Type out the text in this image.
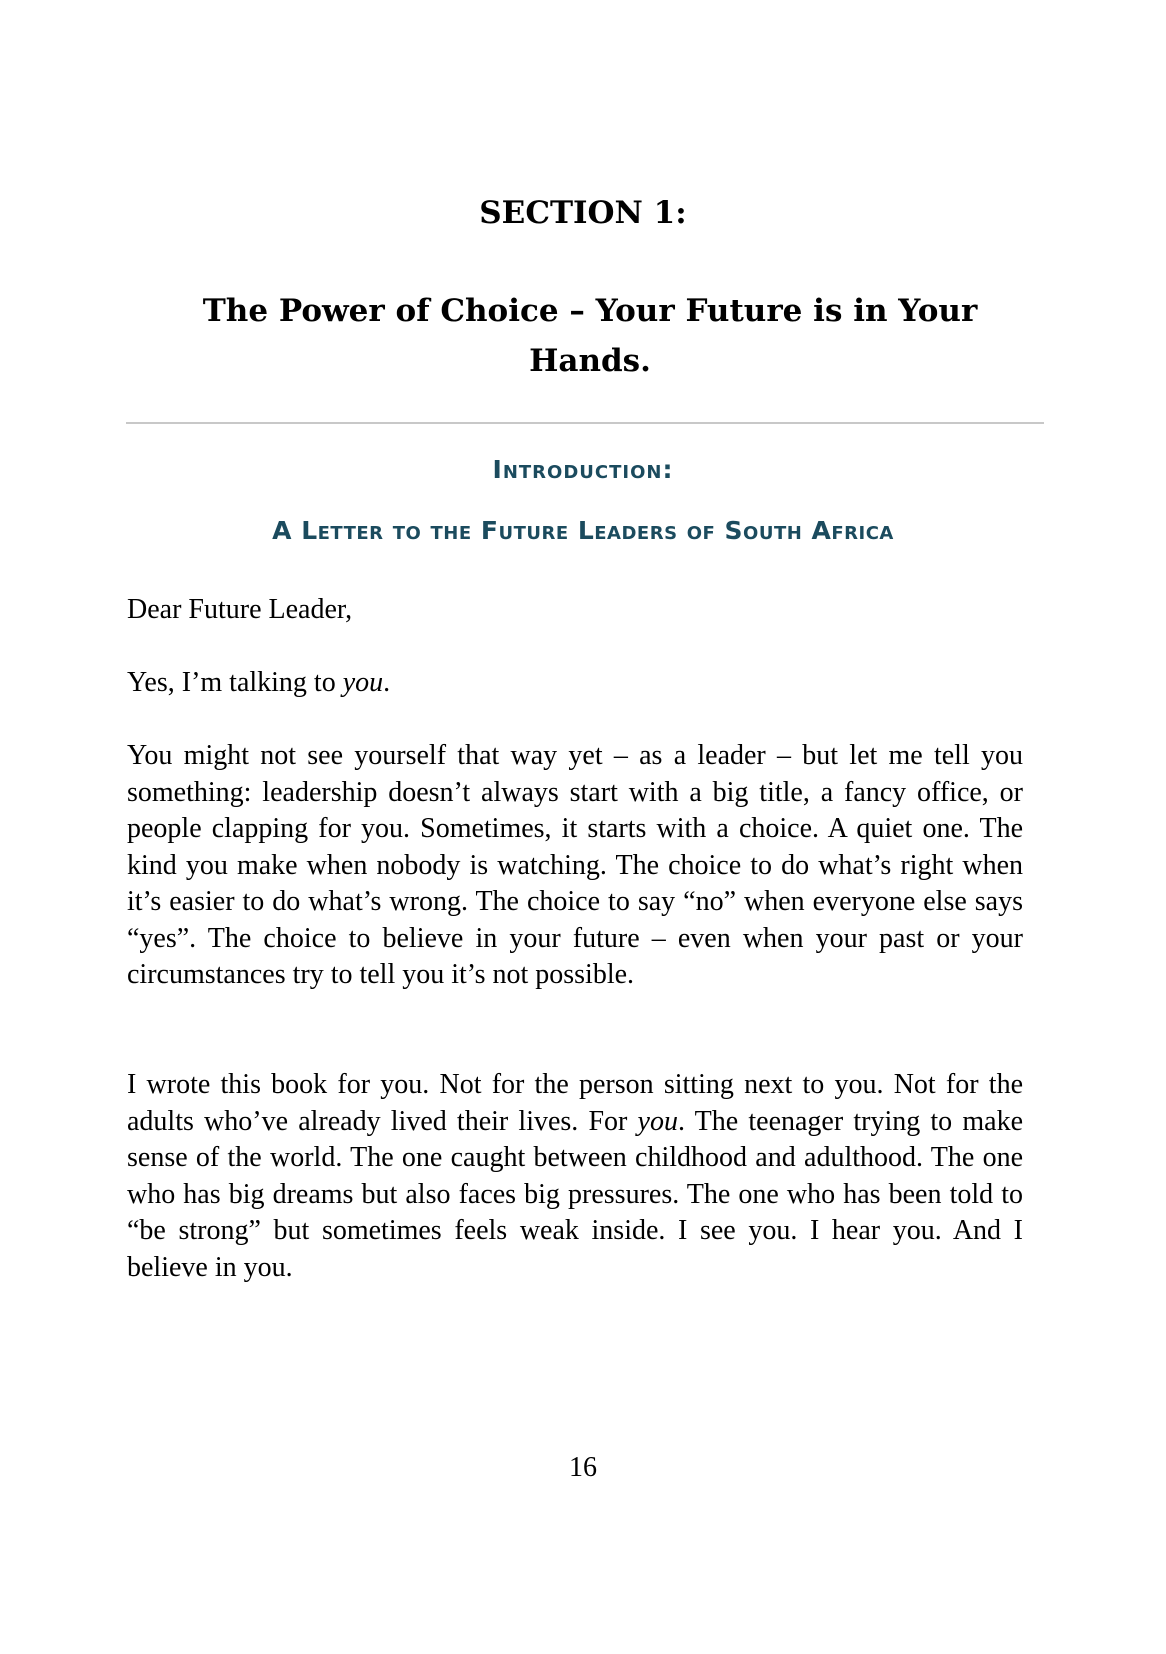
SECTION 1:
The Power of Choice – Your Future is in Your Hands.
Introduction:
A Letter to the Future Leaders of South Africa

Dear Future Leader,

Yes, I’m talking to you.

You might not see yourself that way yet – as a leader – but let me tell you something: leadership doesn’t always start with a big title, a fancy office, or people clapping for you. Sometimes, it starts with a choice. A quiet one. The kind you make when nobody is watching. The choice to do what’s right when it’s easier to do what’s wrong. The choice to say “no” when everyone else says “yes”. The choice to believe in your future – even when your past or your circumstances try to tell you it’s not possible.

I wrote this book for you. Not for the person sitting next to you. Not for the adults who’ve already lived their lives. For you. The teenager trying to make sense of the world. The one caught between childhood and adulthood. The one who has big dreams but also faces big pressures. The one who has been told to “be strong” but sometimes feels weak inside. I see you. I hear you. And I believe in you.

16
